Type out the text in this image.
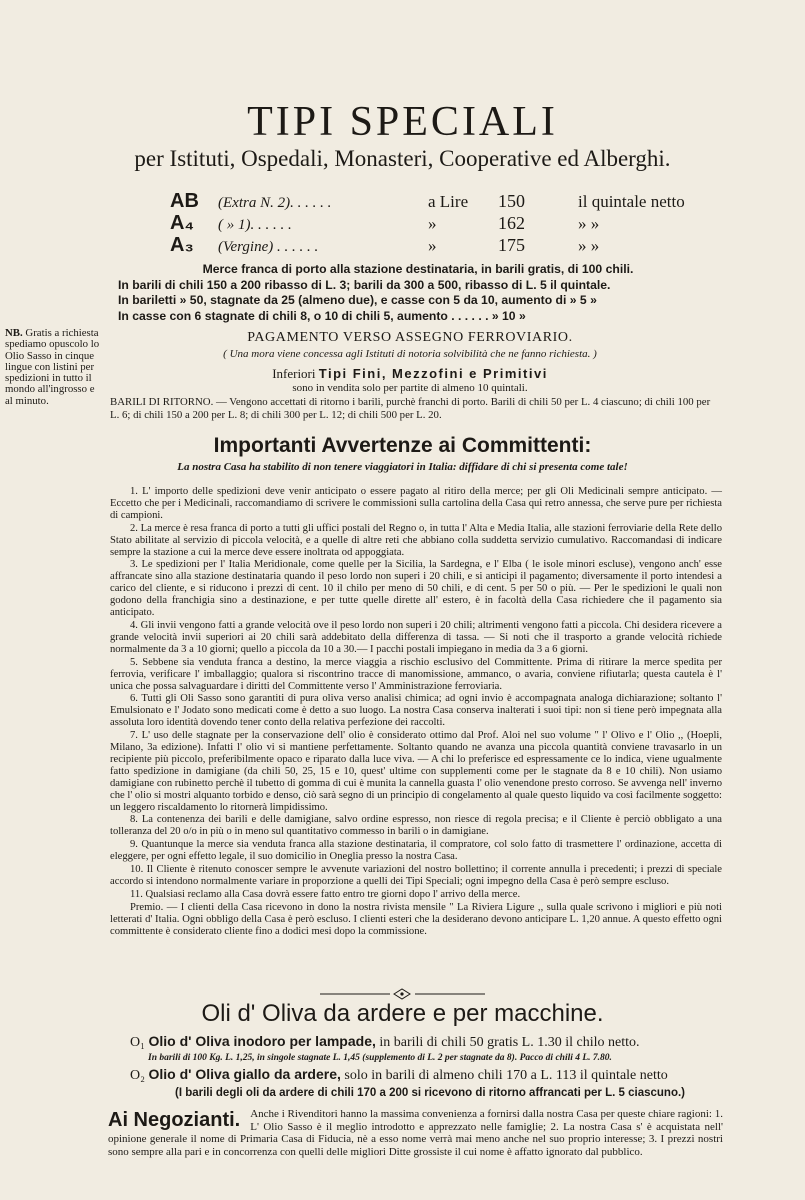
TIPI SPECIALI
per Istituti, Ospedali, Monasteri, Cooperative ed Alberghi.
AB	(Extra N. 2). . . . . .	a Lire	150	il quintale netto
A₄	( » 1). . . . . .	»	162	» »
A₃	(Vergine) . . . . . .	»	175	» »
Merce franca di porto alla stazione destinataria, in barili gratis, di 100 chili.
In barili di chili 150 a 200 ribasso di L. 3; barili da 300 a 500, ribasso di L. 5 il quintale.
In bariletti » 50, stagnate da 25 (almeno due), e casse con 5 da 10, aumento di » 5 »
In casse con 6 stagnate di chili 8, o 10 di chili 5, aumento . . . . . . » 10 »
NB. Gratis a richiesta spediamo opuscolo lo Olio Sasso in cinque lingue con listini per spedizioni in tutto il mondo all'ingrosso e al minuto.
PAGAMENTO VERSO ASSEGNO FERROVIARIO.
( Una mora viene concessa agli Istituti di notoria solvibilità che ne fanno richiesta. )
Inferiori Tipi Fini, Mezzofini e Primitivi
sono in vendita solo per partite di almeno 10 quintali.
BARILI DI RITORNO. — Vengono accettati di ritorno i barili, purchè franchi di porto. Barili di chili 50 per L. 4 ciascuno; di chili 100 per L. 6; di chili 150 a 200 per L. 8; di chili 300 per L. 12; di chili 500 per L. 20.
Importanti Avvertenze ai Committenti:
La nostra Casa ha stabilito di non tenere viaggiatori in Italia: diffidare di chi si presenta come tale!

1. L' importo delle spedizioni deve venir anticipato o essere pagato al ritiro della merce; per gli Oli Medicinali sempre anticipato. — Eccetto che per i Medicinali, raccomandiamo di scrivere le commissioni sulla cartolina della Casa qui retro annessa, che serve pure per richiesta di campioni.

2. La merce è resa franca di porto a tutti gli uffici postali del Regno o, in tutta l' Alta e Media Italia, alle stazioni ferroviarie della Rete dello Stato abilitate al servizio di piccola velocità, e a quelle di altre reti che abbiano colla suddetta servizio cumulativo. Raccomandasi di indicare sempre la stazione a cui la merce deve essere inoltrata od appoggiata.

3. Le spedizioni per l' Italia Meridionale, come quelle per la Sicilia, la Sardegna, e l' Elba ( le isole minori escluse), vengono anch' esse affrancate sino alla stazione destinataria quando il peso lordo non superi i 20 chili, e si anticipi il pagamento; diversamente il porto intendesi a carico del cliente, e si riducono i prezzi di cent. 10 il chilo per meno di 50 chili, e di cent. 5 per 50 o più. — Per le spedizioni le quali non godono della franchigia sino a destinazione, e per tutte quelle dirette all' estero, è in facoltà della Casa richiedere che il pagamento sia anticipato.

4. Gli invii vengono fatti a grande velocità ove il peso lordo non superi i 20 chili; altrimenti vengono fatti a piccola. Chi desidera ricevere a grande velocità invii superiori ai 20 chili sarà addebitato della differenza di tassa. — Si noti che il trasporto a grande velocità richiede normalmente da 3 a 10 giorni; quello a piccola da 10 a 30.— I pacchi postali impiegano in media da 3 a 6 giorni.

5. Sebbene sia venduta franca a destino, la merce viaggia a rischio esclusivo del Committente. Prima di ritirare la merce spedita per ferrovia, verificare l' imballaggio; qualora si riscontrino tracce di manomissione, ammanco, o avaria, conviene rifiutarla; questa cautela è l' unica che possa salvaguardare i diritti del Committente verso l' Amministrazione ferroviaria.

6. Tutti gli Oli Sasso sono garantiti di pura oliva verso analisi chimica; ad ogni invio è accompagnata analoga dichiarazione; soltanto l' Emulsionato e l' Jodato sono medicati come è detto a suo luogo. La nostra Casa conserva inalterati i suoi tipi: non si tiene però impegnata alla assoluta loro identità dovendo tener conto della relativa perfezione dei raccolti.

7. L' uso delle stagnate per la conservazione dell' olio è considerato ottimo dal Prof. Aloi nel suo volume " l' Olivo e l' Olio ,, (Hoepli, Milano, 3a edizione). Infatti l' olio vi si mantiene perfettamente. Soltanto quando ne avanza una piccola quantità conviene travasarlo in un recipiente più piccolo, preferibilmente opaco e riparato dalla luce viva. — A chi lo preferisce ed espressamente ce lo indica, viene ugualmente fatto spedizione in damigiane (da chili 50, 25, 15 e 10, quest' ultime con supplementi come per le stagnate da 8 e 10 chili). Non usiamo damigiane con rubinetto perchè il tubetto di gomma di cui è munita la cannella guasta l' olio venendone presto corroso. Se avvenga nell' inverno che l' olio si mostri alquanto torbido e denso, ciò sarà segno di un principio di congelamento al quale questo liquido va così facilmente soggetto: un leggero riscaldamento lo ritornerà limpidissimo.

8. La contenenza dei barili e delle damigiane, salvo ordine espresso, non riesce di regola precisa; e il Cliente è perciò obbligato a una tolleranza del 20 o/o in più o in meno sul quantitativo commesso in barili o in damigiane.

9. Quantunque la merce sia venduta franca alla stazione destinataria, il compratore, col solo fatto di trasmettere l' ordinazione, accetta di eleggere, per ogni effetto legale, il suo domicilio in Oneglia presso la nostra Casa.

10. Il Cliente è ritenuto conoscer sempre le avvenute variazioni del nostro bollettino; il corrente annulla i precedenti; i prezzi di speciale accordo si intendono normalmente variare in proporzione a quelli dei Tipi Speciali; ogni impegno della Casa è però sempre escluso.

11. Qualsiasi reclamo alla Casa dovrà essere fatto entro tre giorni dopo l' arrivo della merce.

Premio. — I clienti della Casa ricevono in dono la nostra rivista mensile " La Riviera Ligure ,, sulla quale scrivono i migliori e più noti letterati d' Italia. Ogni obbligo della Casa è però escluso. I clienti esteri che la desiderano devono anticipare L. 1,20 annue. A questo effetto ogni committente è considerato cliente fino a dodici mesi dopo la commissione.

Oli d' Oliva da ardere e per macchine.
O₁ Olio d' Oliva inodoro per lampade, in barili di chili 50 gratis L. 1.30 il chilo netto.
In barili di 100 Kg. L. 1,25, in singole stagnate L. 1,45 (supplemento di L. 2 per stagnate da 8). Pacco di chili 4 L. 7.80.
O₂ Olio d' Oliva giallo da ardere, solo in barili di almeno chili 170 a L. 113 il quintale netto
(I barili degli oli da ardere di chili 170 a 200 si ricevono di ritorno affrancati per L. 5 ciascuno.)
Ai Negozianti. Anche i Rivenditori hanno la massima convenienza a fornirsi dalla nostra Casa per queste chiare ragioni: 1. L' Olio Sasso è il meglio introdotto e apprezzato nelle famiglie; 2. La nostra Casa s' è acquistata nell' opinione generale il nome di Primaria Casa di Fiducia, nè a esso nome verrà mai meno anche nel suo proprio interesse; 3. I prezzi nostri sono sempre alla pari e in concorrenza con quelli delle migliori Ditte grossiste il cui nome è affatto ignorato dal pubblico.
